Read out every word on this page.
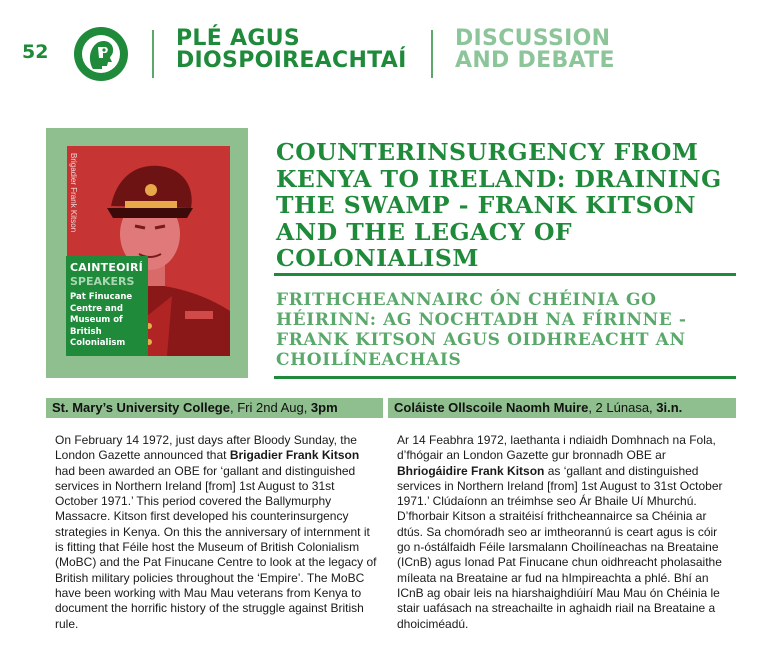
52
PLÉ AGUS
DIOSPOIREACHTAÍ
DISCUSSION
AND DEBATE
Brigadier Frank Kitson
CAINTEOIRÍ
SPEAKERS
Pat Finucane
Centre and
Museum of
British
Colonialism
COUNTERINSURGENCY FROM KENYA TO IRELAND: DRAINING THE SWAMP - FRANK KITSON AND THE LEGACY OF COLONIALISM
FRITHCHEANNAIRC ÓN CHÉINIA GO HÉIRINN: AG NOCHTADH NA FÍRINNE - FRANK KITSON AGUS OIDHREACHT AN CHOILÍNEACHAIS
St. Mary’s University College, Fri 2nd Aug, 3pm	Coláiste Ollscoile Naomh Muire, 2 Lúnasa, 3i.n.
On February 14 1972, just days after Bloody Sunday, the London Gazette announced that Brigadier Frank Kitson had been awarded an OBE for ‘gallant and distinguished services in Northern Ireland [from] 1st August to 31st October 1971.’ This period covered the Ballymurphy Massacre. Kitson first developed his counterinsurgency strategies in Kenya. On this the anniversary of internment it is fitting that Féile host the Museum of British Colonialism (MoBC) and the Pat Finucane Centre to look at the legacy of British military policies throughout the ‘Empire’. The MoBC have been working with Mau Mau veterans from Kenya to document the horrific history of the struggle against British rule.
Ar 14 Feabhra 1972, laethanta i ndiaidh Domhnach na Fola, d’fhógair an London Gazette gur bronnadh OBE ar Bhriogáidire Frank Kitson as ‘gallant and distinguished services in Northern Ireland [from] 1st August to 31st October 1971.’ Clúdaíonn an tréimhse seo Ár Bhaile Uí Mhurchú. D’fhorbair Kitson a straitéisí frithcheannairce sa Chéinia ar dtús. Sa chomóradh seo ar imtheorannú is ceart agus is cóir go n-óstálfaidh Féile Iarsmalann Choilíneachas na Breataine (ICnB) agus Ionad Pat Finucane chun oidhreacht pholasaithe míleata na Breataine ar fud na hImpireachta a phlé. Bhí an ICnB ag obair leis na hiarshaighdiúirí Mau Mau ón Chéinia le stair uafásach na streachailte in aghaidh riail na Breataine a dhoiciméadú.
